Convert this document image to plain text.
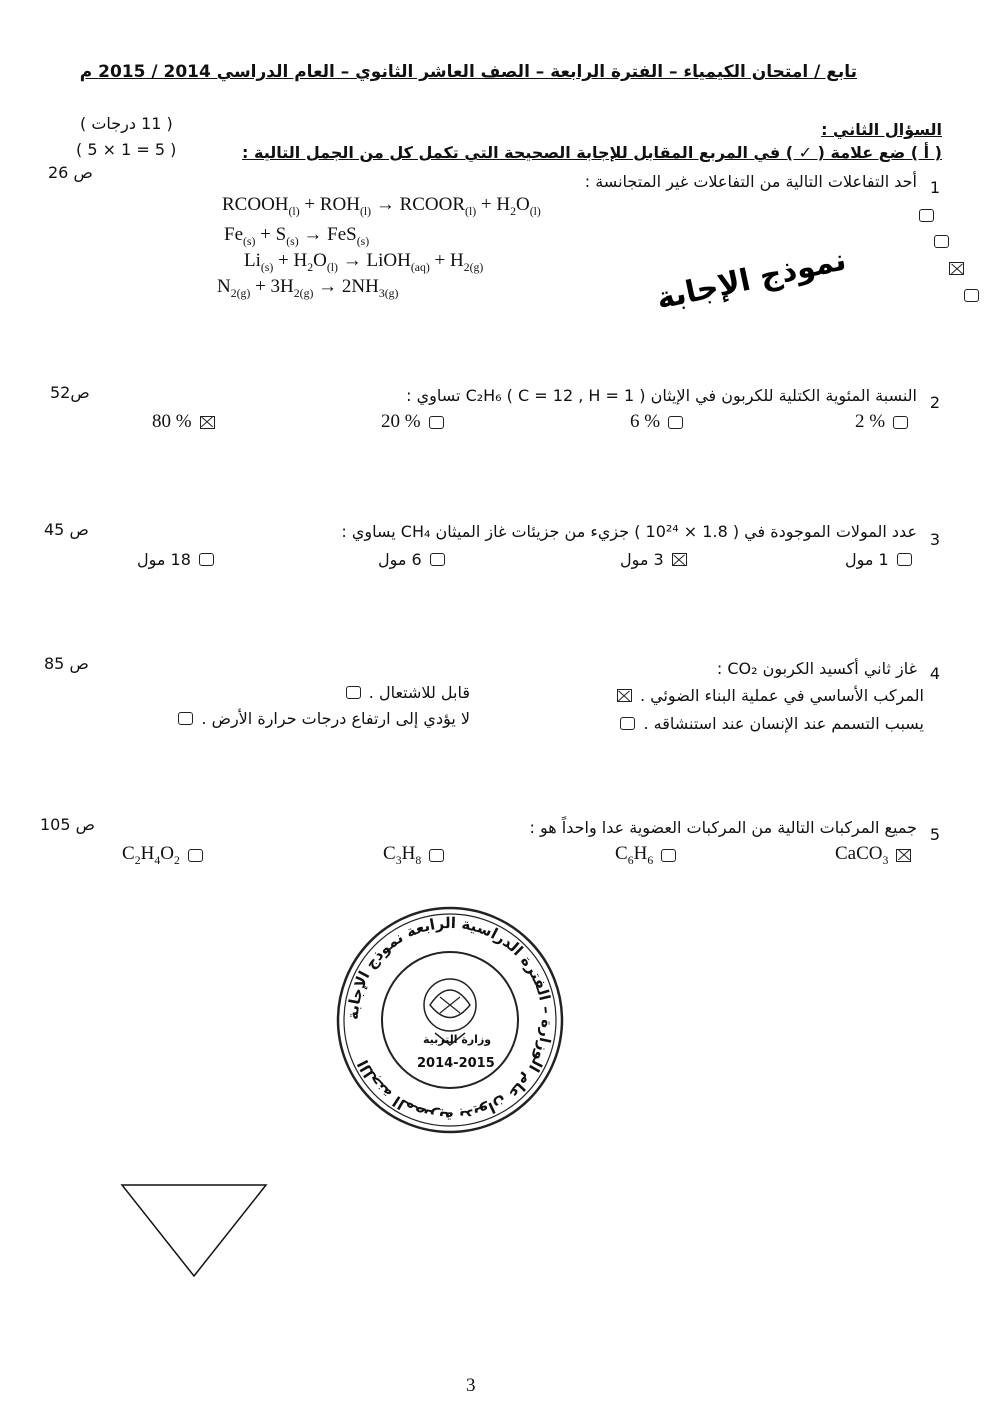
تابع / امتحان الكيمياء – الفترة الرابعة – الصف العاشر الثانوي – العام الدراسي 2014 / 2015 م
السؤال الثاني :
( 11 درجات )
( أ ) ضع علامة ( ✓ ) في المربع المقابل للإجابة الصحيحة التي تكمل كل من الجمل التالية :
( 5 × 1 = 5 )
نموذج الإجابة
1
أحد التفاعلات التالية من التفاعلات غير المتجانسة :
ص 26
$RCOOH_{(l)} + ROH_{(l)}$ → $RCOOR_{(l)} + H_2O_{(l)}$
$Fe_{(s)} + S_{(s)} \to FeS_{(s)}$
$Li_{(s)} + H_2O_{(l)}$ → LiOH$_{(aq)}$ + $H_{2(g)}$
$N_{2(g)} + 3H_{2(g)} \to 2NH_{3(g)}$
2
النسبة المئوية الكتلية للكربون في الإيثان C₂H₆ ( C = 12 , H = 1 ) تساوي :
ص52
80 %	20 %	6 %	2 %
3
عدد المولات الموجودة في ( 1.8 × 10²⁴ ) جزيء من جزيئات غاز الميثان CH₄ يساوي :
ص 45
18 مول	6 مول	3 مول	1 مول
4
غاز ثاني أكسيد الكربون CO₂ :
ص 85
المركب الأساسي في عملية البناء الضوئي .
قابل للاشتعال .
يسبب التسمم عند الإنسان عند استنشاقه .
لا يؤدي إلى ارتفاع درجات حرارة الأرض .
5
جميع المركبات التالية من المركبات العضوية عدا واحداً هو :
ص 105
$C_2H_4O_2$	$C_3H_8$	$C_6H_6$	CaCO$_3$
اللجنة المصرية بديوان عام الوزارة – الفترة الدراسية الرابعة نموذج الإجابة
وزارة التربية
2014-2015
3
